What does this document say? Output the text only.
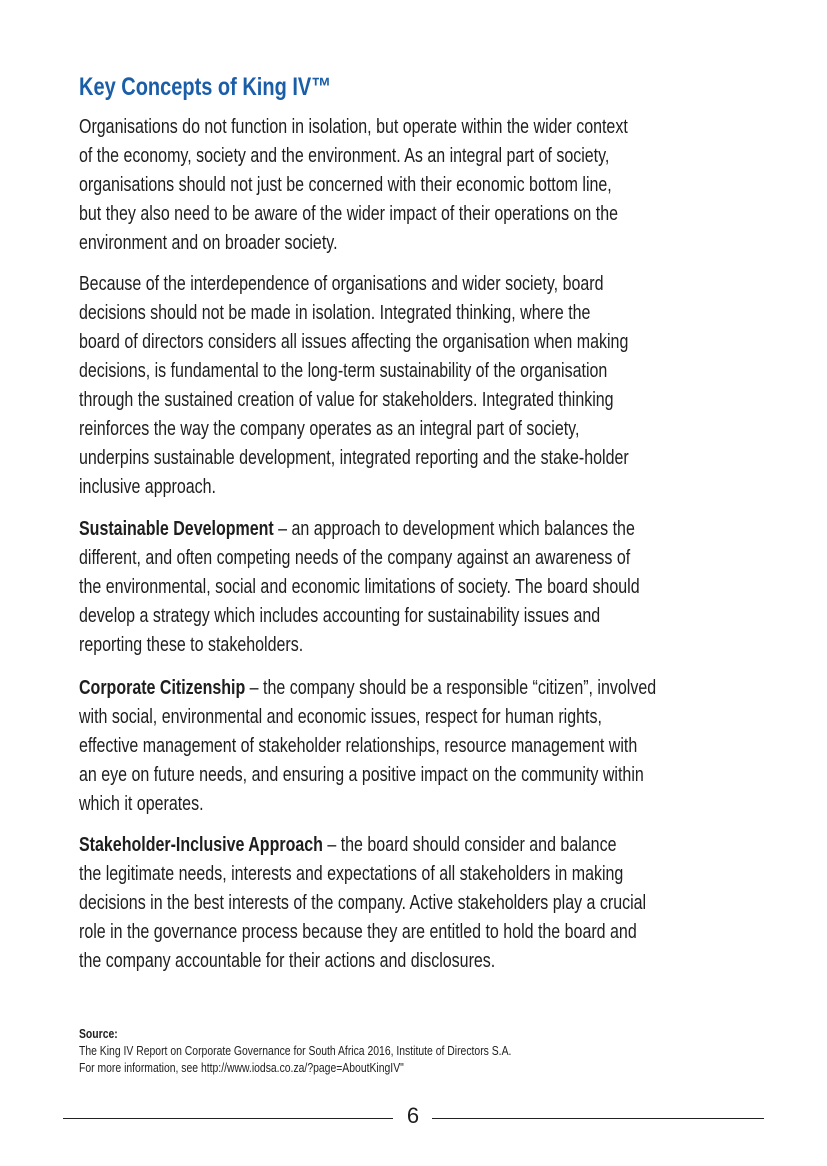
Key Concepts of King IV™
Organisations do not function in isolation, but operate within the wider context
of the economy, society and the environment. As an integral part of society,
organisations should not just be concerned with their economic bottom line,
but they also need to be aware of the wider impact of their operations on the
environment and on broader society.
Because of the interdependence of organisations and wider society, board
decisions should not be made in isolation. Integrated thinking, where the
board of directors considers all issues affecting the organisation when making
decisions, is fundamental to the long-term sustainability of the organisation
through the sustained creation of value for stakeholders. Integrated thinking
reinforces the way the company operates as an integral part of society,
underpins sustainable development, integrated reporting and the stake-holder
inclusive approach.
Sustainable Development – an approach to development which balances the
different, and often competing needs of the company against an awareness of
the environmental, social and economic limitations of society. The board should
develop a strategy which includes accounting for sustainability issues and
reporting these to stakeholders.
Corporate Citizenship – the company should be a responsible “citizen”, involved
with social, environmental and economic issues, respect for human rights,
effective management of stakeholder relationships, resource management with
an eye on future needs, and ensuring a positive impact on the community within
which it operates.
Stakeholder-Inclusive Approach – the board should consider and balance
the legitimate needs, interests and expectations of all stakeholders in making
decisions in the best interests of the company. Active stakeholders play a crucial
role in the governance process because they are entitled to hold the board and
the company accountable for their actions and disclosures.
Source:
The King IV Report on Corporate Governance for South Africa 2016, Institute of Directors S.A.
For more information, see http://www.iodsa.co.za/?page=AboutKingIV"
6
